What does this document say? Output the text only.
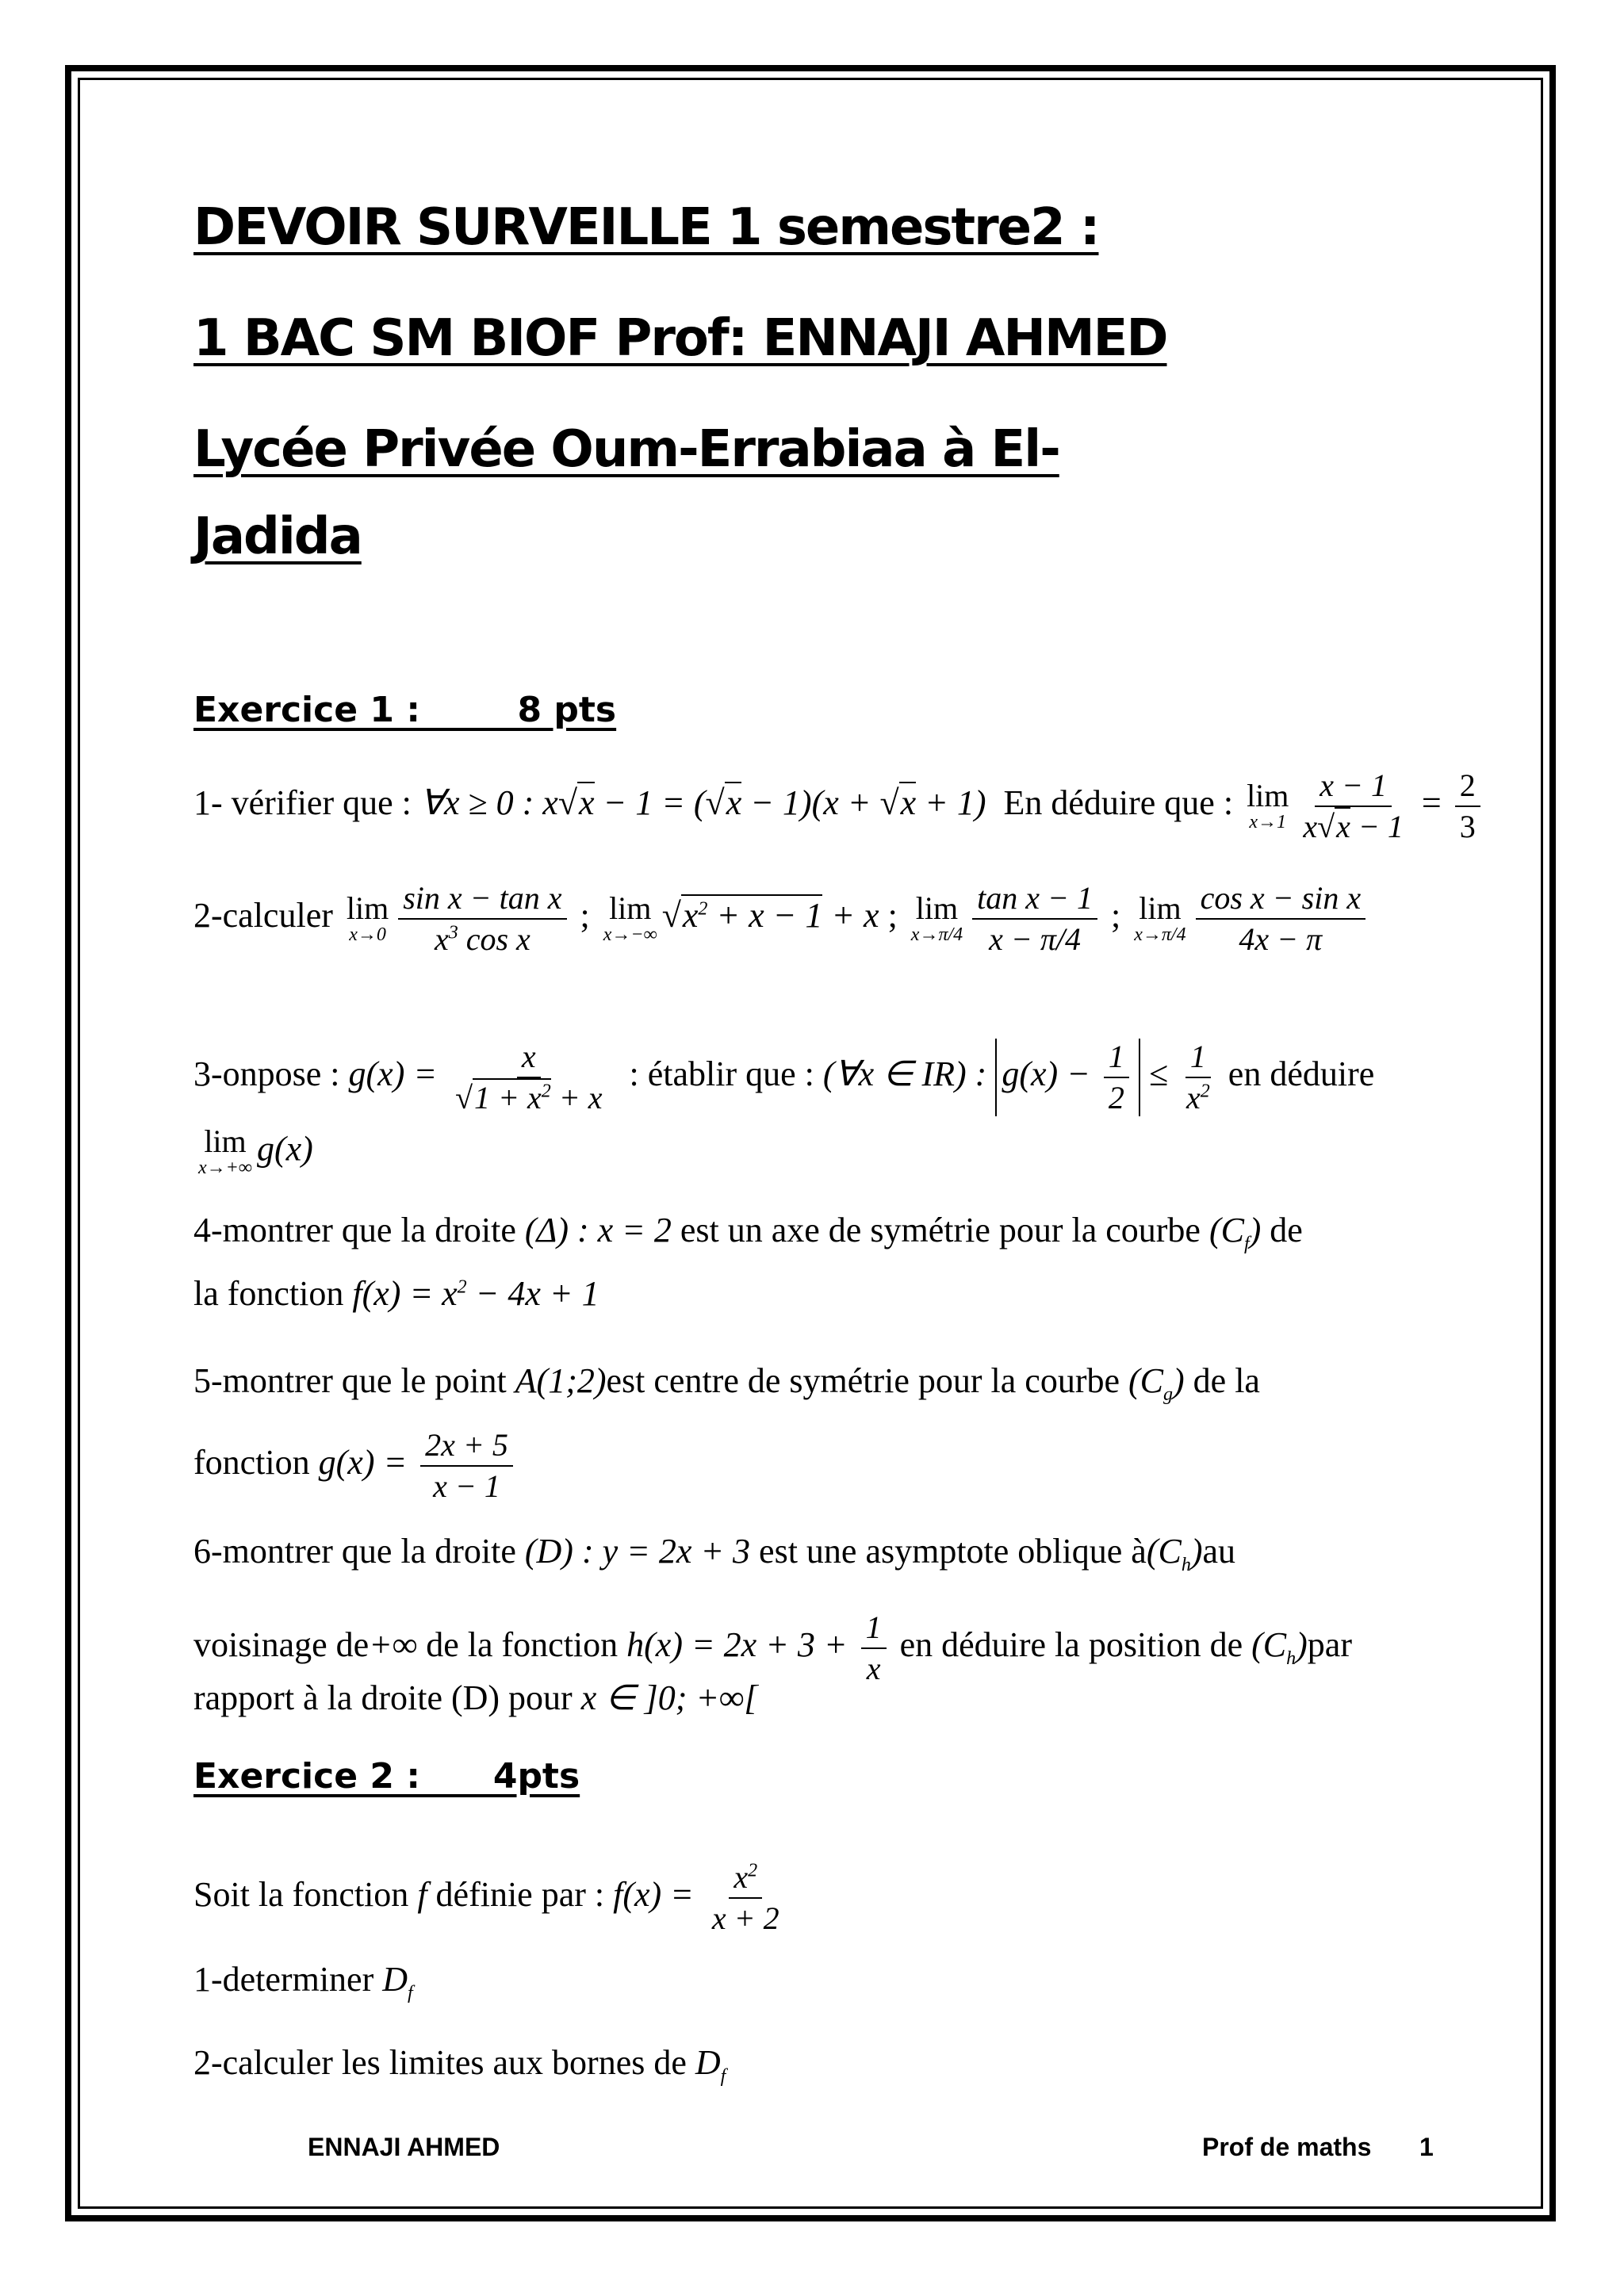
DEVOIR SURVEILLE 1 semestre2 :
1 BAC SM BIOF Prof: ENNAJI AHMED
Lycée Privée Oum-Errabiaa à El-
Jadida
Exercice 1 :        8 pts
1- vérifier que : ∀x ≥ 0 : x√x − 1 = (√x − 1)(x + √x + 1) En déduire que : lim
$x\to 1 \frac{x - 1}{x√x - 1} = \frac{2}{3}$
2-calculer lim
$x\to 0 \frac{\text{sin x − tan x}}{x^3 \cos x}$ ; lim
x→−∞ $√x^2 + x - 1 + x$ ; lim
$x\to\pi/4 \frac{\text{tan x − 1}}{x - \pi/4}$ ; lim
$x\to\pi/4 \frac{\text{cos x − sin x}}{4x - \pi}$
3-onpose : $g(x) = \frac{x}{√1 + x^2 + x}$ : établir que : (∀x ∈ IR) : $g(x) - \frac{1}{2} \le \frac{1}{x^2}$ en déduire
lim
x→+∞ g(x)
4-montrer que la droite (Δ) : x = 2 est un axe de symétrie pour la courbe $(C_f)$ de
la fonction $f(x) = x^2 - 4x + 1$
5-montrer que le point A(1;2)est centre de symétrie pour la courbe $(C_g)$ de la
fonction $g(x) = \frac{2x + 5}{x - 1}$
6-montrer que la droite (D) : y = 2x + 3 est une asymptote oblique $à(C_h)au$
voisinage de+∞ de la fonction $h(x) = 2x + 3 + \frac{1}{x}$ en déduire la position de $(C_h)par$
rapport à la droite (D) pour x ∈ ]0; +∞[
Exercice 2 :      4pts
Soit la fonction f définie par : $f(x) = \frac{x^2}{x + 2}$
1-determiner $D_f$
2-calculer les limites aux bornes de $D_f$
ENNAJI AHMED	Prof de maths 1
